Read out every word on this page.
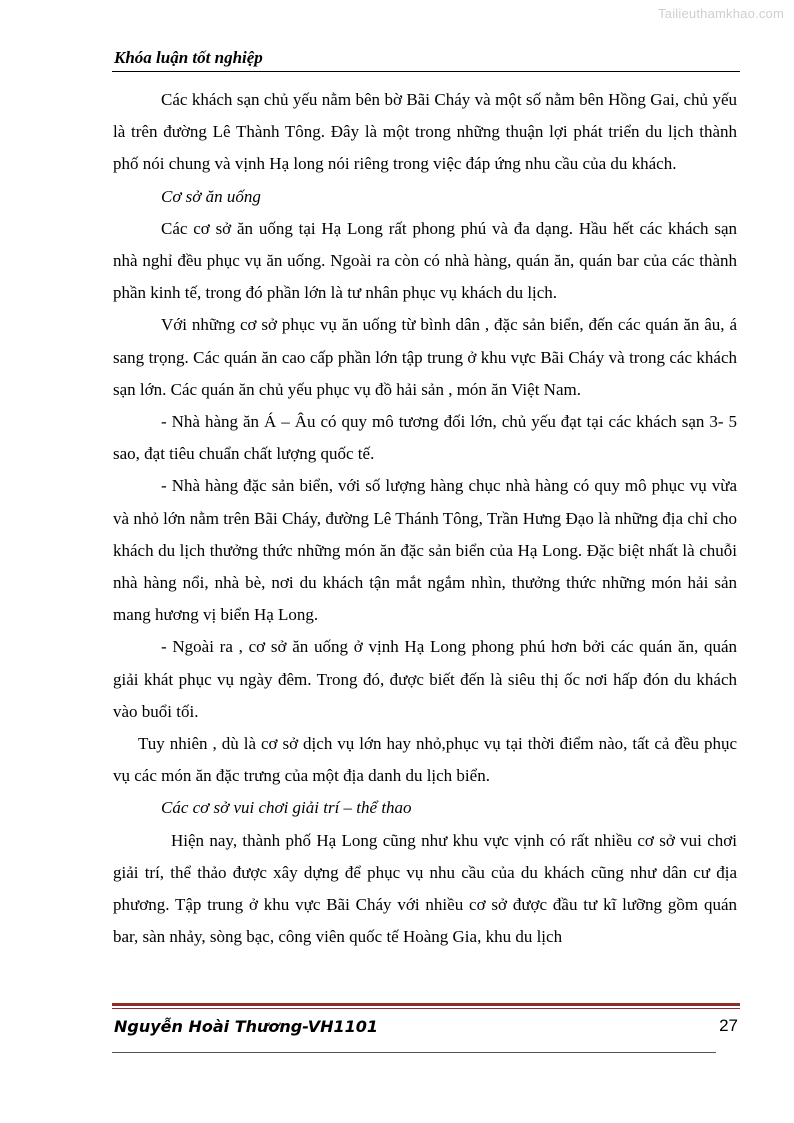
Tailieuthamkhao.com
Khóa luận tốt nghiệp

Các khách sạn chủ yếu nằm bên bờ Bãi Cháy và một số nằm bên Hồng Gai, chủ yếu là trên đường Lê Thành Tông. Đây là một trong những thuận lợi phát triển du lịch thành phố nói chung và vịnh Hạ long nói riêng trong việc đáp ứng nhu cầu của du khách.

Cơ sở ăn uống

Các cơ sở ăn uống tại Hạ Long rất phong phú và đa dạng. Hầu hết các khách sạn nhà nghỉ đều phục vụ ăn uống. Ngoài ra còn có nhà hàng, quán ăn, quán bar của các thành phần kinh tế, trong đó phần lớn là tư nhân phục vụ khách du lịch.

Với những cơ sở phục vụ ăn uống từ bình dân , đặc sản biển, đến các quán ăn âu, á sang trọng. Các quán ăn cao cấp phần lớn tập trung ở khu vực Bãi Cháy và trong các khách sạn lớn. Các quán ăn chủ yếu phục vụ đồ hải sản , món ăn Việt Nam.

- Nhà hàng ăn Á – Âu có quy mô tương đối lớn, chủ yếu đạt tại các khách sạn 3- 5 sao, đạt tiêu chuẩn chất lượng quốc tế.

- Nhà hàng đặc sản biển, với số lượng hàng chục nhà hàng có quy mô phục vụ vừa và nhỏ lớn nằm trên Bãi Cháy, đường Lê Thánh Tông, Trần Hưng Đạo là những địa chỉ cho khách du lịch thưởng thức những món ăn đặc sản biển của Hạ Long. Đặc biệt nhất là chuỗi nhà hàng nổi, nhà bè, nơi du khách tận mắt ngắm nhìn, thưởng thức những món hải sản mang hương vị biển Hạ Long.

- Ngoài ra , cơ sở ăn uống ở vịnh Hạ Long phong phú hơn bởi các quán ăn, quán giải khát phục vụ ngày đêm. Trong đó, được biết đến là siêu thị ốc nơi hấp đón du khách vào buổi tối.

Tuy nhiên , dù là cơ sở dịch vụ lớn hay nhỏ,phục vụ tại thời điểm nào, tất cả đều phục vụ các món ăn đặc trưng của một địa danh du lịch biển.

Các cơ sở vui chơi giải trí – thể thao

Hiện nay, thành phố Hạ Long cũng như khu vực vịnh có rất nhiều cơ sở vui chơi giải trí, thể thảo được xây dựng để phục vụ nhu cầu của du khách cũng như dân cư địa phương. Tập trung ở khu vực Bãi Cháy với nhiều cơ sở được đầu tư kĩ lưỡng gồm quán bar, sàn nhảy, sòng bạc, công viên quốc tế Hoàng Gia, khu du lịch

Nguyễn Hoài Thương-VH1101	27
